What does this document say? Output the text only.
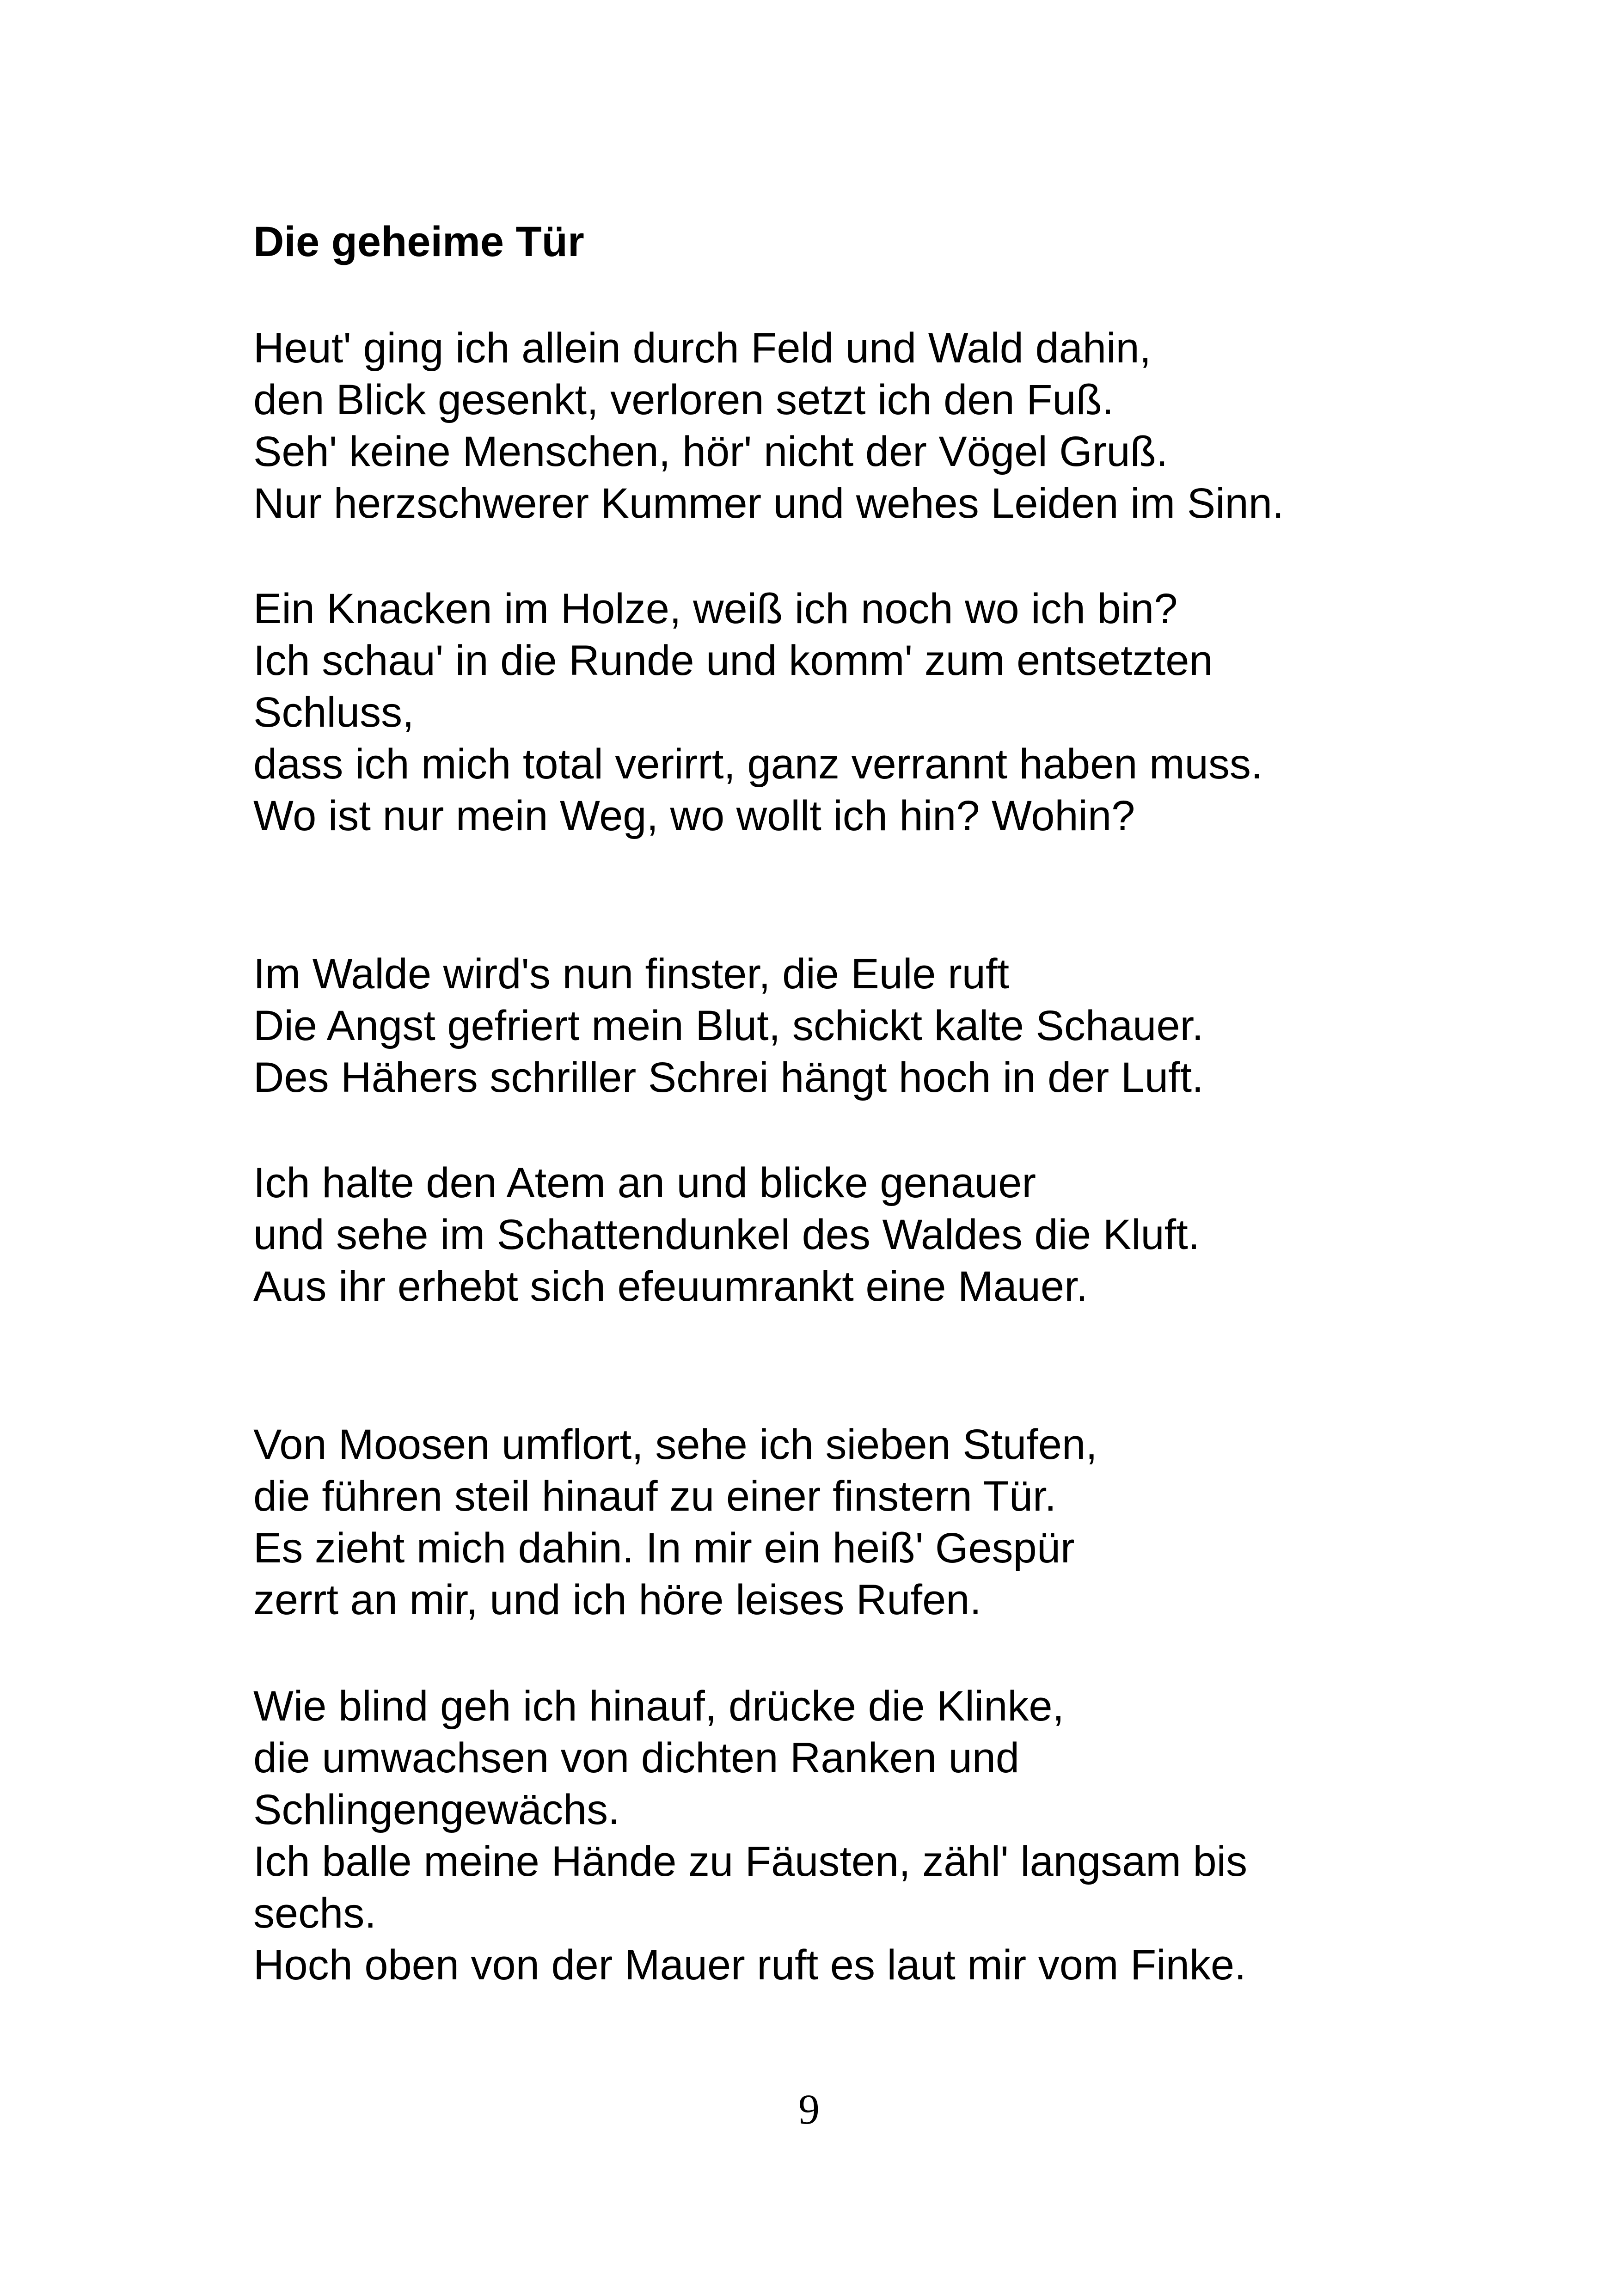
Die geheime Tür
Heut' ging ich allein durch Feld und Wald dahin,
den Blick gesenkt, verloren setzt ich den Fuß.
Seh' keine Menschen, hör' nicht der Vögel Gruß.
Nur herzschwerer Kummer und wehes Leiden im Sinn.
Ein Knacken im Holze, weiß ich noch wo ich bin?
Ich schau' in die Runde und komm' zum entsetzten
Schluss,
dass ich mich total verirrt, ganz verrannt haben muss.
Wo ist nur mein Weg, wo wollt ich hin? Wohin?
Im Walde wird's nun finster, die Eule ruft
Die Angst gefriert mein Blut, schickt kalte Schauer.
Des Hähers schriller Schrei hängt hoch in der Luft.
Ich halte den Atem an und blicke genauer
und sehe im Schattendunkel des Waldes die Kluft.
Aus ihr erhebt sich efeuumrankt eine Mauer.
Von Moosen umflort, sehe ich sieben Stufen,
die führen steil hinauf zu einer finstern Tür.
Es zieht mich dahin. In mir ein heiß' Gespür
zerrt an mir, und ich höre leises Rufen.
Wie blind geh ich hinauf, drücke die Klinke,
die umwachsen von dichten Ranken und
Schlingengewächs.
Ich balle meine Hände zu Fäusten, zähl' langsam bis
sechs.
Hoch oben von der Mauer ruft es laut mir vom Finke.
9
